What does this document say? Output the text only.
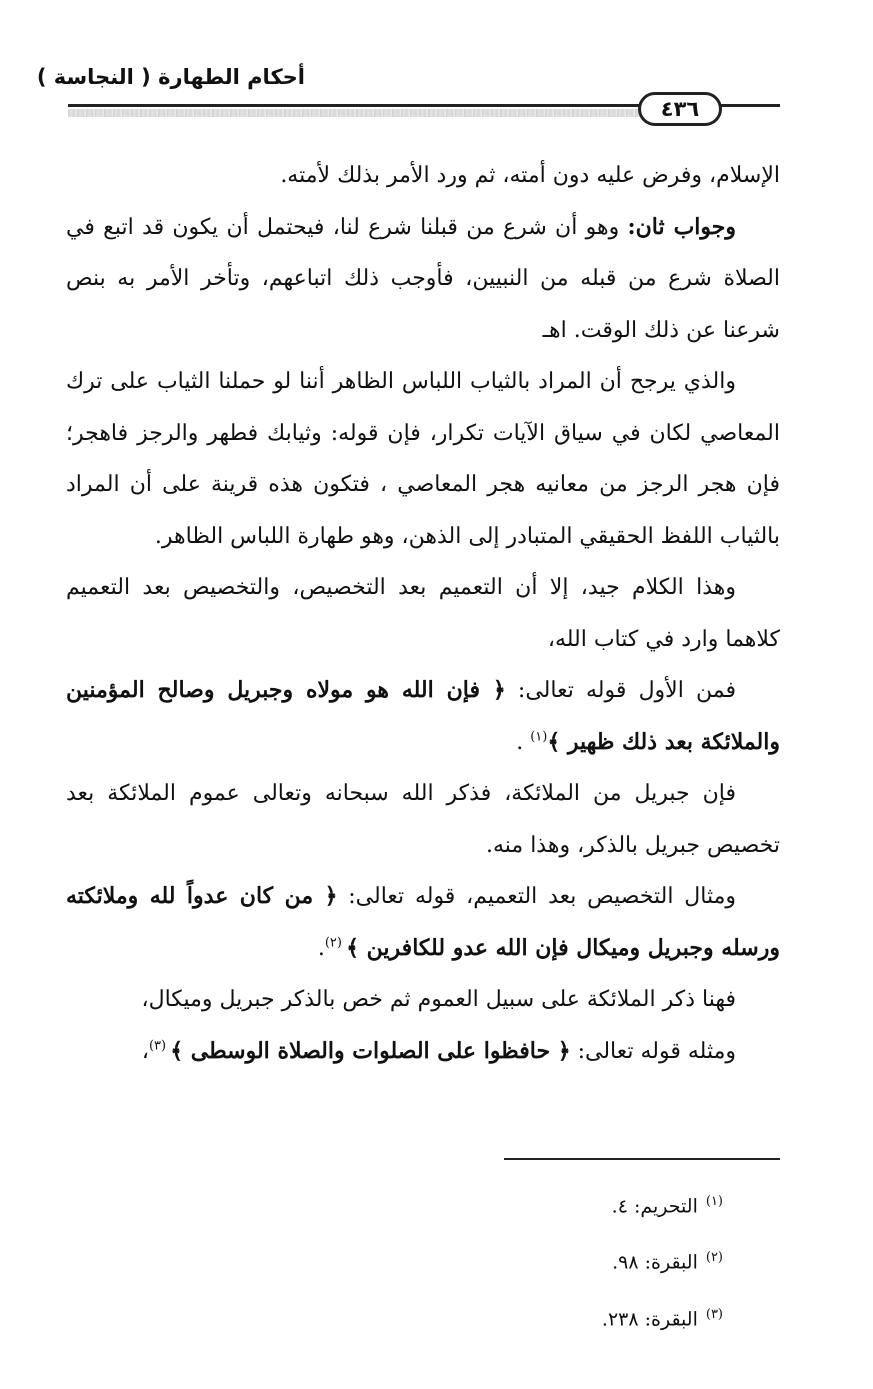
أحكام الطهارة ( النجاسة )
٤٣٦

الإسلام، وفرض عليه دون أمته، ثم ورد الأمر بذلك لأمته.

وجواب ثان: وهو أن شرع من قبلنا شرع لنا، فيحتمل أن يكون قد اتبع في الصلاة شرع من قبله من النبيين، فأوجب ذلك اتباعهم، وتأخر الأمر به بنص شرعنا عن ذلك الوقت. اهـ

والذي يرجح أن المراد بالثياب اللباس الظاهر أننا لو حملنا الثياب على ترك المعاصي لكان في سياق الآيات تكرار، فإن قوله: وثيابك فطهر والرجز فاهجر؛ فإن هجر الرجز من معانيه هجر المعاصي ، فتكون هذه قرينة على أن المراد بالثياب اللفظ الحقيقي المتبادر إلى الذهن، وهو طهارة اللباس الظاهر.

وهذا الكلام جيد، إلا أن التعميم بعد التخصيص، والتخصيص بعد التعميم كلاهما وارد في كتاب الله،

فمن الأول قوله تعالى: ﴿ فإن الله هو مولاه وجبريل وصالح المؤمنين والملائكة بعد ذلك ظهير ﴾$^{(١)}$ .

فإن جبريل من الملائكة، فذكر الله سبحانه وتعالى عموم الملائكة بعد تخصيص جبريل بالذكر، وهذا منه.

ومثال التخصيص بعد التعميم، قوله تعالى: ﴿ من كان عدواً لله وملائكته ورسله وجبريل وميكال فإن الله عدو للكافرين ﴾ $^{(٢)}$.

فهنا ذكر الملائكة على سبيل العموم ثم خص بالذكر جبريل وميكال،

ومثله قوله تعالى: ﴿ حافظوا على الصلوات والصلاة الوسطى ﴾ $^{(٣)}$،

$^{(١)}$التحريم: ٤.
$^{(٢)}$البقرة: ٩٨.
$^{(٣)}$البقرة: ٢٣٨.
